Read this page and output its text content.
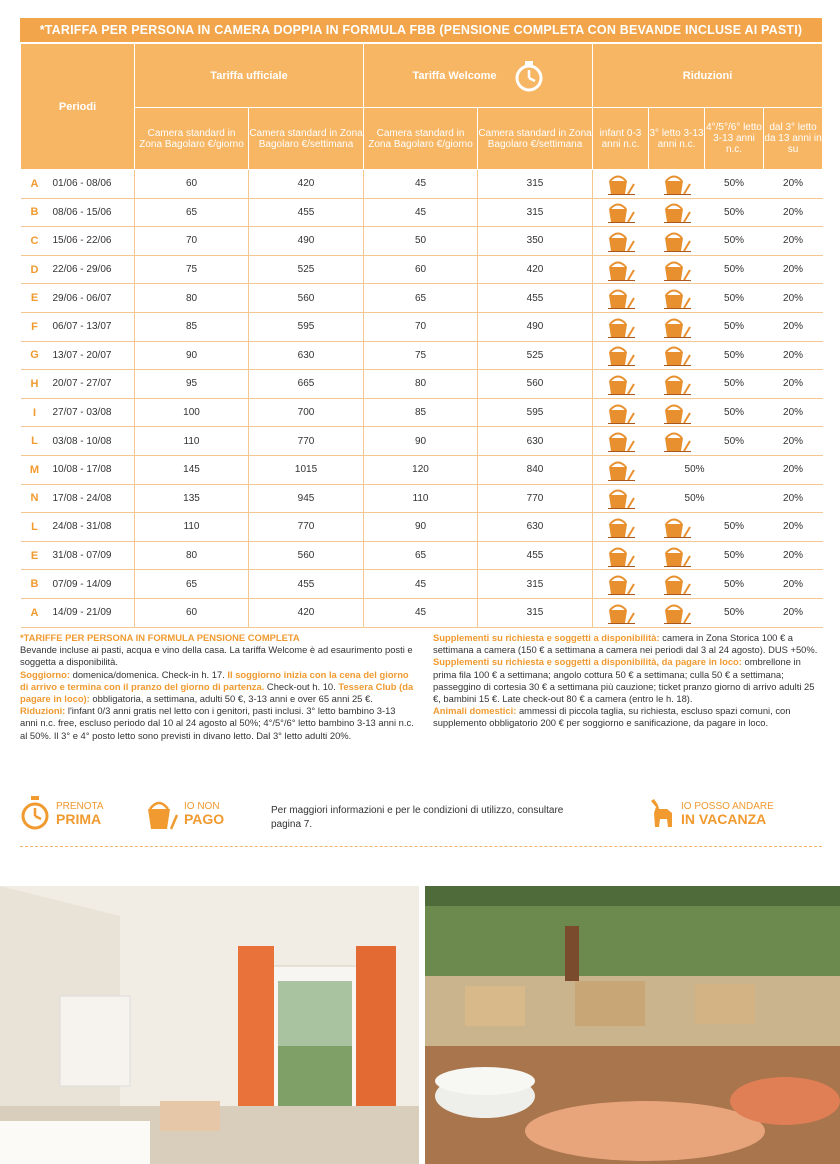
*TARIFFA PER PERSONA IN CAMERA DOPPIA IN FORMULA FBB (PENSIONE COMPLETA CON BEVANDE INCLUSE AI PASTI)
Periodi		Tariffa ufficiale		Tariffa Welcome		Riduzioni			
		Camera standard in Zona Bagolaro €/giorno	Camera standard in Zona Bagolaro €/settimana	Camera standard in Zona Bagolaro €/giorno	Camera standard in Zona Bagolaro €/settimana	infant 0-3 anni n.c.	3° letto 3-13 anni n.c.	4°/5°/6° letto 3-13 anni n.c.	dal 3° letto da 13 anni in su
A	01/06 - 08/06	60	420	45	315			50%	20%
B	08/06 - 15/06	65	455	45	315			50%	20%
C	15/06 - 22/06	70	490	50	350			50%	20%
D	22/06 - 29/06	75	525	60	420			50%	20%
E	29/06 - 06/07	80	560	65	455			50%	20%
F	06/07 - 13/07	85	595	70	490			50%	20%
G	13/07 - 20/07	90	630	75	525			50%	20%
H	20/07 - 27/07	95	665	80	560			50%	20%
I	27/07 - 03/08	100	700	85	595			50%	20%
L	03/08 - 10/08	110	770	90	630			50%	20%
M	10/08 - 17/08	145	1015	120	840		50%		20%
N	17/08 - 24/08	135	945	110	770		50%		20%
L	24/08 - 31/08	110	770	90	630			50%	20%
E	31/08 - 07/09	80	560	65	455			50%	20%
B	07/09 - 14/09	65	455	45	315			50%	20%
A	14/09 - 21/09	60	420	45	315			50%	20%
*TARIFFE PER PERSONA IN FORMULA PENSIONE COMPLETA
Bevande incluse ai pasti, acqua e vino della casa. La tariffa Welcome è ad esaurimento posti e soggetta a disponibilità.
Soggiorno: domenica/domenica. Check-in h. 17. Il soggiorno inizia con la cena del giorno di arrivo e termina con il pranzo del giorno di partenza. Check-out h. 10. Tessera Club (da pagare in loco): obbligatoria, a settimana, adulti 50 €, 3-13 anni e over 65 anni 25 €. Riduzioni: l'infant 0/3 anni gratis nel letto con i genitori, pasti inclusi. 3° letto bambino 3-13 anni n.c. free, escluso periodo dal 10 al 24 agosto al 50%; 4°/5°/6° letto bambino 3-13 anni n.c. al 50%. Il 3° e 4° posto letto sono previsti in divano letto. Dal 3° letto adulti 20%.
Supplementi su richiesta e soggetti a disponibilità: camera in Zona Storica 100 € a settimana a camera (150 € a settimana a camera nei periodi dal 3 al 24 agosto). DUS +50%. Supplementi su richiesta e soggetti a disponibilità, da pagare in loco: ombrellone in prima fila 100 € a settimana; angolo cottura 50 € a settimana; culla 50 € a settimana; passeggino di cortesia 30 € a settimana più cauzione; ticket pranzo giorno di arrivo adulti 25 €, bambini 15 €. Late check-out 80 € a camera (entro le h. 18).
Animali domestici: ammessi di piccola taglia, su richiesta, escluso spazi comuni, con supplemento obbligatorio 200 € per soggiorno e sanificazione, da pagare in loco.
PRENOTA
PRIMA
IO NON
PAGO
IO POSSO ANDARE
IN VACANZA
Per maggiori informazioni e per le condizioni di utilizzo, consultare pagina 7.
